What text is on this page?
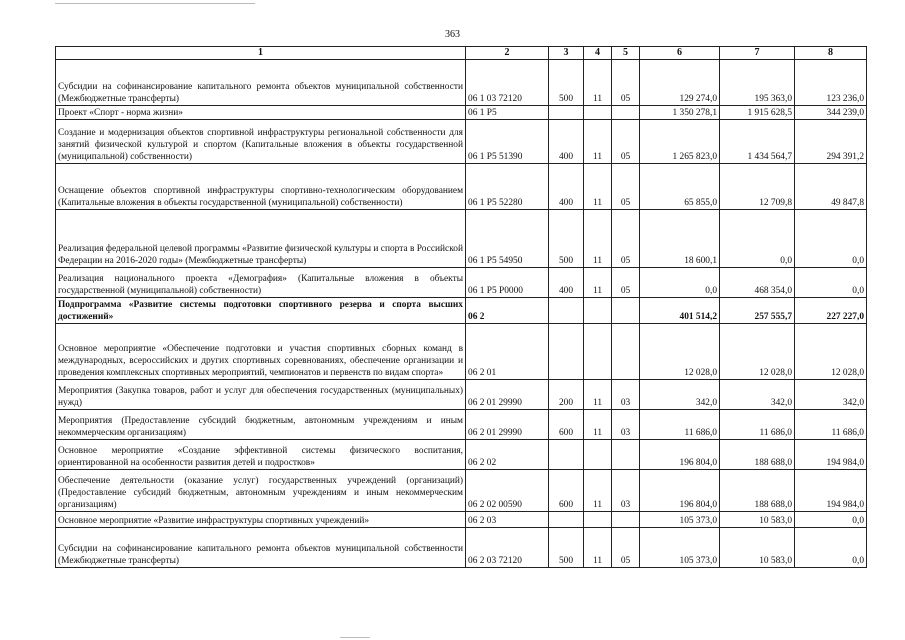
363
1	2	3	4	5	6	7	8
Субсидии на софинансирование капитального ремонта объектов муниципальной собственности (Межбюджетные трансферты)	06 1 03 72120	500	11	05	129 274,0	195 363,0	123 236,0
Проект «Спорт - норма жизни»	06 1 P5				1 350 278,1	1 915 628,5	344 239,0
Создание и модернизация объектов спортивной инфраструктуры региональной собственности для занятий физической культурой и спортом (Капитальные вложения в объекты государственной (муниципальной) собственности)	06 1 P5 51390	400	11	05	1 265 823,0	1 434 564,7	294 391,2
Оснащение объектов спортивной инфраструктуры спортивно-технологическим оборудованием (Капитальные вложения в объекты государственной (муниципальной) собственности)	06 1 P5 52280	400	11	05	65 855,0	12 709,8	49 847,8
Реализация федеральной целевой программы «Развитие физической культуры и спорта в Российской Федерации на 2016-2020 годы» (Межбюджетные трансферты)	06 1 P5 54950	500	11	05	18 600,1	0,0	0,0
Реализация национального проекта «Демография» (Капитальные вложения в объекты государственной (муниципальной) собственности)	06 1 P5 P0000	400	11	05	0,0	468 354,0	0,0
Подпрограмма «Развитие системы подготовки спортивного резерва и спорта высших достижений»	06 2				401 514,2	257 555,7	227 227,0
Основное мероприятие «Обеспечение подготовки и участия спортивных сборных команд в международных, всероссийских и других спортивных соревнованиях, обеспечение организации и проведения комплексных спортивных мероприятий, чемпионатов и первенств по видам спорта»	06 2 01				12 028,0	12 028,0	12 028,0
Мероприятия (Закупка товаров, работ и услуг для обеспечения государственных (муниципальных) нужд)	06 2 01 29990	200	11	03	342,0	342,0	342,0
Мероприятия (Предоставление субсидий бюджетным, автономным учреждениям и иным некоммерческим организациям)	06 2 01 29990	600	11	03	11 686,0	11 686,0	11 686,0
Основное мероприятие «Создание эффективной системы физического воспитания, ориентированной на особенности развития детей и подростков»	06 2 02				196 804,0	188 688,0	194 984,0
Обеспечение деятельности (оказание услуг) государственных учреждений (организаций) (Предоставление субсидий бюджетным, автономным учреждениям и иным некоммерческим организациям)	06 2 02 00590	600	11	03	196 804,0	188 688,0	194 984,0
Основное мероприятие «Развитие инфраструктуры спортивных учреждений»	06 2 03				105 373,0	10 583,0	0,0
Субсидии на софинансирование капитального ремонта объектов муниципальной собственности (Межбюджетные трансферты)	06 2 03 72120	500	11	05	105 373,0	10 583,0	0,0
